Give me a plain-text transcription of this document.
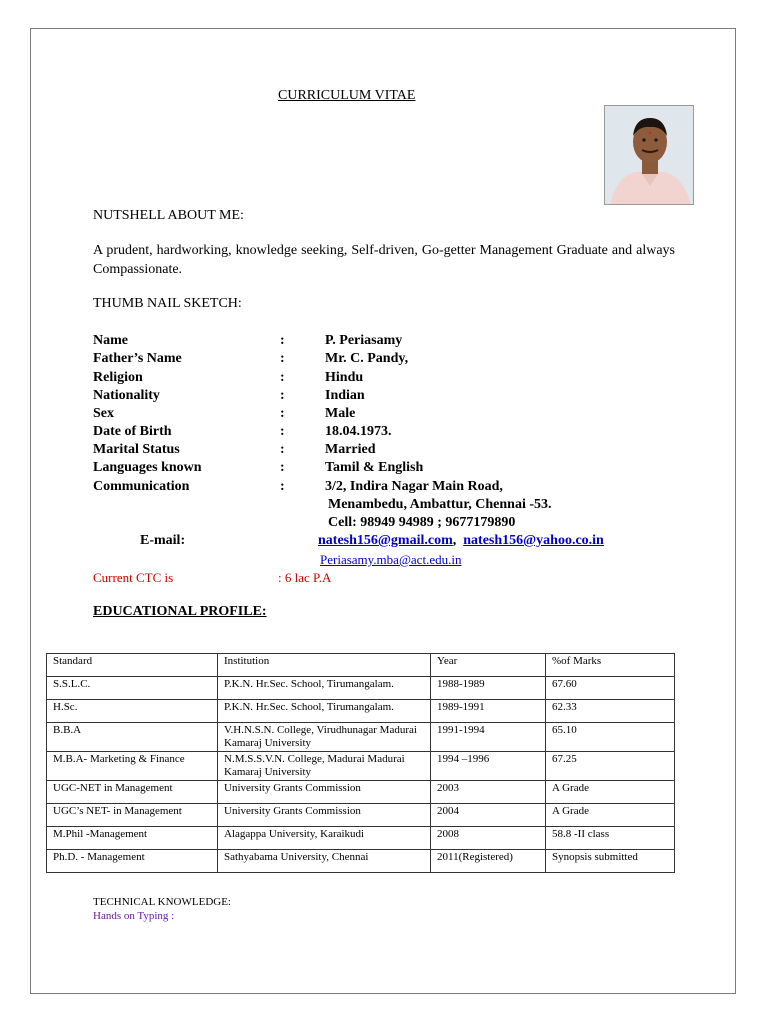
CURRICULUM VITAE
NUTSHELL ABOUT ME:
A prudent, hardworking, knowledge seeking, Self-driven, Go-getter Management Graduate and always Compassionate.
THUMB NAIL SKETCH:
Name	:	P. Periasamy
Father’s Name	:	Mr. C. Pandy,
Religion	:	Hindu
Nationality	:	Indian
Sex	:	Male
Date of Birth	:	18.04.1973.
Marital Status	:	Married
Languages known	:	Tamil & English
Communication	:	3/2, Indira Nagar Main Road,
Menambedu, Ambattur, Chennai -53.
Cell: 98949 94989 ; 9677179890
E-mail:	natesh156@gmail.com, natesh156@yahoo.co.in
Periasamy.mba@act.edu.in
Current CTC is	: 6 lac P.A
EDUCATIONAL PROFILE:
Standard	Institution	Year	%of Marks
S.S.L.C.	P.K.N. Hr.Sec. School, Tirumangalam.	1988-1989	67.60
H.Sc.	P.K.N. Hr.Sec. School, Tirumangalam.	1989-1991	62.33
B.B.A	V.H.N.S.N. College, Virudhunagar Madurai Kamaraj University	1991-1994	65.10
M.B.A- Marketing & Finance	N.M.S.S.V.N. College, Madurai Madurai Kamaraj University	1994 –1996	67.25
UGC-NET in Management	University Grants Commission	2003	A Grade
UGC’s NET- in Management	University Grants Commission	2004	A Grade
M.Phil -Management	Alagappa University, Karaikudi	2008	58.8 -II class
Ph.D. - Management	Sathyabama University, Chennai	2011(Registered)	Synopsis submitted
TECHNICAL KNOWLEDGE:
Hands on Typing :
